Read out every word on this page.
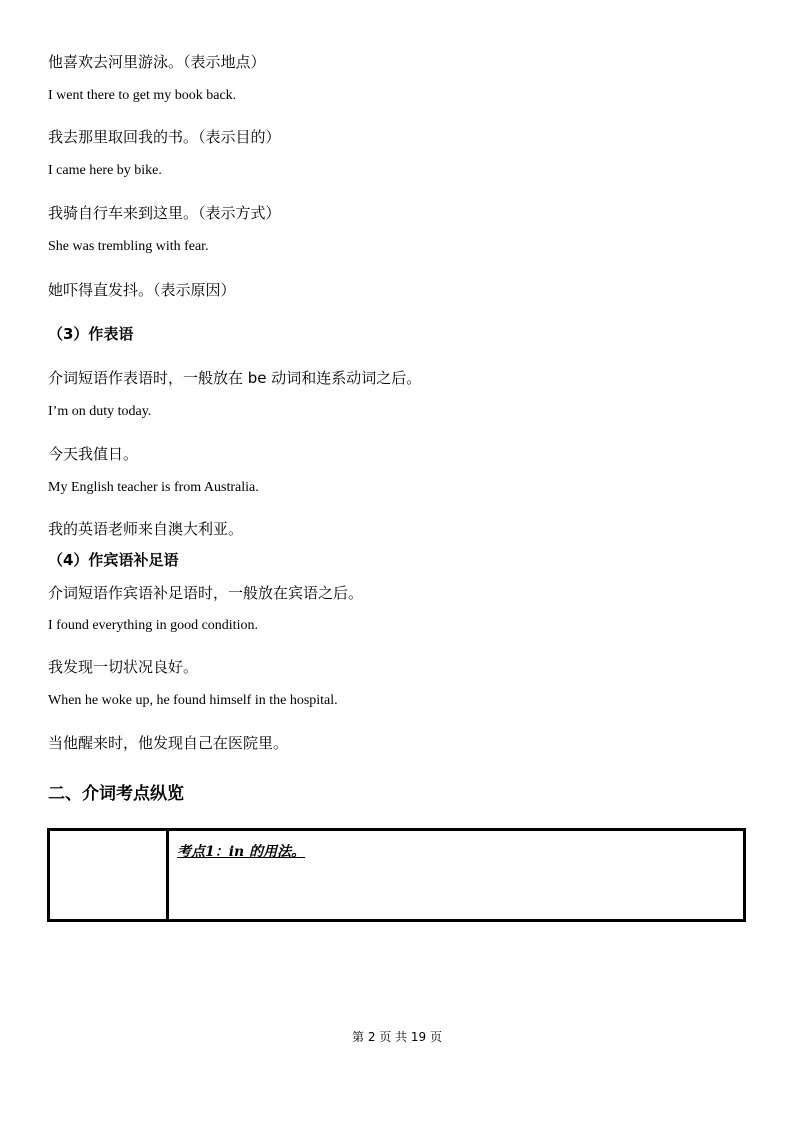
他喜欢去河里游泳。（表示地点）
I went there to get my book back.
我去那里取回我的书。（表示目的）
I came here by bike.
我骑自行车来到这里。（表示方式）
She was trembling with fear.
她吓得直发抖。（表示原因）
（3）作表语
介词短语作表语时，一般放在 be 动词和连系动词之后。
I’m on duty today.
今天我值日。
My English teacher is from Australia.
我的英语老师来自澳大利亚。
（4）作宾语补足语
介词短语作宾语补足语时，一般放在宾语之后。
I found everything in good condition.
我发现一切状况良好。
When he woke up, he found himself in the hospital.
当他醒来时，他发现自己在医院里。
二、介词考点纵览
考点1：in 的用法。
第 2 页 共 19 页
